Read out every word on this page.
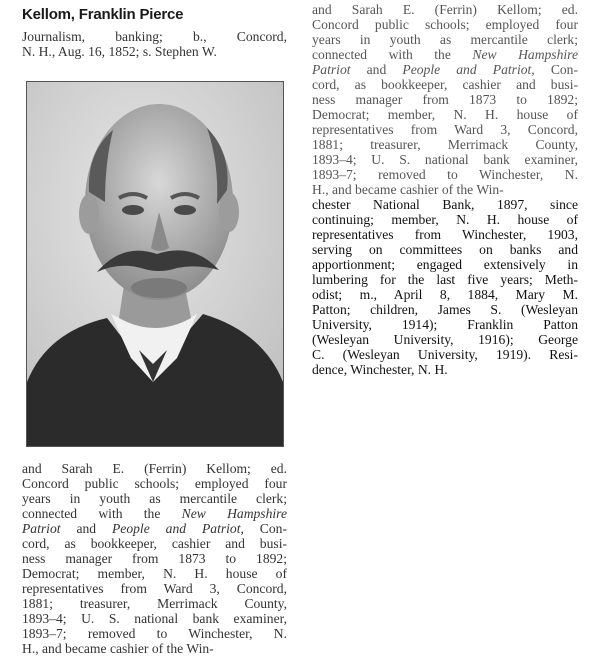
Kellom, Franklin Pierce
Journalism, banking; b., Concord,
N. H., Aug. 16, 1852; s. Stephen W.
and Sarah E. (Ferrin) Kellom; ed.
Concord public schools; employed four
years in youth as mercantile clerk;
connected with the New Hampshire
Patriot and People and Patriot, Con-
cord, as bookkeeper, cashier and busi-
ness manager from 1873 to 1892;
Democrat; member, N. H. house of
representatives from Ward 3, Concord,
1881; treasurer, Merrimack County,
1893–4; U. S. national bank examiner,
1893–7; removed to Winchester, N.
H., and became cashier of the Win-
and Sarah E. (Ferrin) Kellom; ed.
Concord public schools; employed four
years in youth as mercantile clerk;
connected with the New Hampshire
Patriot and People and Patriot, Con-
cord, as bookkeeper, cashier and busi-
ness manager from 1873 to 1892;
Democrat; member, N. H. house of
representatives from Ward 3, Concord,
1881; treasurer, Merrimack County,
1893–4; U. S. national bank examiner,
1893–7; removed to Winchester, N.
H., and became cashier of the Win-
chester National Bank, 1897, since
continuing; member, N. H. house of
representatives from Winchester, 1903,
serving on committees on banks and
apportionment; engaged extensively in
lumbering for the last five years; Meth-
odist; m., April 8, 1884, Mary M.
Patton; children, James S. (Wesleyan
University, 1914); Franklin Patton
(Wesleyan University, 1916); George
C. (Wesleyan University, 1919). Resi-
dence, Winchester, N. H.
